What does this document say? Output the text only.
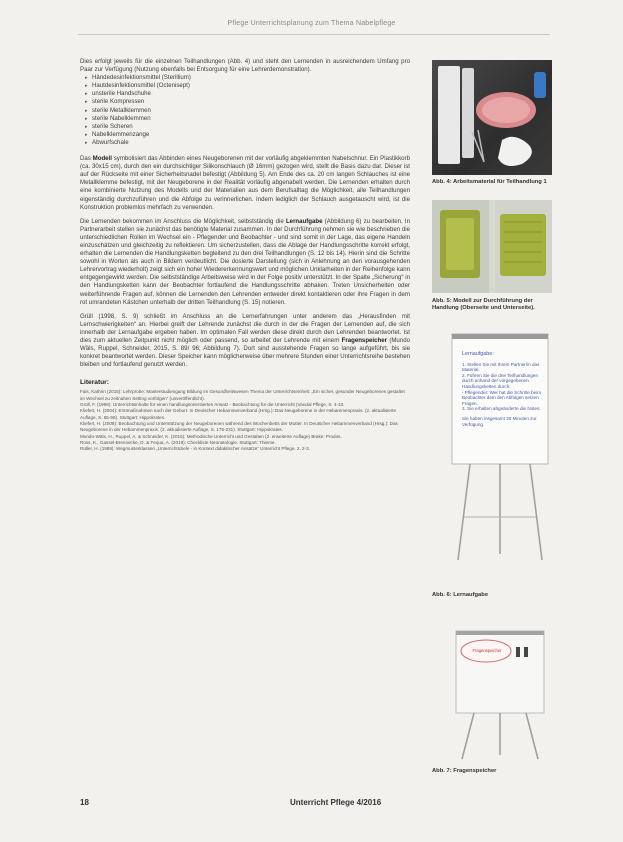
Pflege Unterrichtsplanung zum Thema Nabelpflege

Dies erfolgt jeweils für die einzelnen Teilhandlungen (Abb. 4) und steht den Lernenden in ausreichendem Umfang pro Paar zur Verfügung (Nutzung ebenfalls bei Entsorgung für eine Lehrerdemonstration).

▸ Händedesinfektionsmittel (Sterillium)
▸ Hautdesinfektionsmittel (Octenisept)
▸ unsterile Handschuhe
▸ sterile Kompressen
▸ sterile Metallklemmen
▸ sterile Nabelklemmen
▸ sterile Scheren
▸ Nabelklemmenzange
▸ Abwurfschale

Das Modell symbolisiert das Abbinden eines Neugeborenen mit der vorläufig abgeklemmten Nabelschnur. Ein Plastikkorb (ca. 30x15 cm), durch den ein durchsichtiger Silikonschlauch (Ø 16mm) gezogen wird, stellt die Basis dazu dar. Dieser ist auf der Rückseite mit einer Sicherheitsnadel befestigt (Abbildung 5). Am Ende des ca. 20 cm langen Schlauches ist eine Metallklemme befestigt, mit der Neugeborene in der Realität vorläufig abgenabelt werden. Die Lernenden erhalten durch eine kombinierte Nutzung des Modells und der Materialien aus dem Berufsalltag die Möglichkeit, alle Teilhandlungen eigenständig durchzuführen und die Abfolge zu verinnerlichen. Indem lediglich der Schlauch ausgetauscht wird, ist die Konstruktion problemlos mehrfach zu verwenden.

Die Lernenden bekommen im Anschluss die Möglichkeit, selbstständig die Lernaufgabe (Abbildung 6) zu bearbeiten. In Partnerarbeit stellen sie zunächst das benötigte Material zusammen. In der Durchführung nehmen sie wie beschrieben die unterschiedlichen Rollen im Wechsel ein - Pflegender und Beobachter - und sind somit in der Lage, das eigene Handeln einzuschätzen und gleichzeitig zu reflektieren. Um sicherzustellen, dass die Ablage der Handlungsschritte korrekt erfolgt, erhalten die Lernenden die Handlungsketten begleitend zu den drei Teilhandlungen (S. 12 bis 14). Hierin sind die Schritte sowohl in Worten als auch in Bildern verdeutlicht. Die dosierte Darstellung (sich in Anlehnung an den vorausgehenden Lehrervortrag wiederholt) zeigt sich ein hoher Wiedererkennungswert und möglichen Unklarheiten in der Reihenfolge kann entgegengewirkt werden. Die selbstständige Arbeitsweise wird in der Folge positiv unterstützt. In der Spalte „Sicherung“ in den Handlungsketten kann der Beobachter fortlaufend die Handlungsschritte abhaken. Treten Unsicherheiten oder weiterführende Fragen auf, können die Lernenden den Lehrenden entweder direkt kontaktieren oder ihre Fragen in dem rot umrandeten Kästchen unterhalb der dritten Teilhandlung (S. 15) notieren.

Grüll (1998, S. 9) schließt im Anschluss an die Lernerfahrungen unter anderem das „Herausfinden mit Lernschwierigkeiten“ an. Hierbei greift der Lehrende zunächst die durch in der die Fragen der Lernenden auf, die sich innerhalb der Lernaufgabe ergeben haben. Im optimalen Fall werden diese direkt durch den Lehrenden beantwortet. Ist dies zum aktuellen Zeitpunkt nicht möglich oder passend, so arbeitet der Lehrende mit einem Fragenspeicher (Mundo Wäls, Ruppel, Schneider, 2015, S. 89/ 96; Abbildung 7). Dort sind ausstehende Fragen so lange aufgeführt, bis sie konkret beantwortet werden. Dieser Speicher kann möglicherweise über mehrere Stunden einer Unterrichtsreihe bestehen bleiben und fortlaufend genutzt werden.

Literatur:
Fais, Kathrin (2015): Lehrprobe: Masterstudiengang Bildung im Gesundheitswesen Thema der Unterrichtseinheit: „Ein sicher, gesunder Neugeborenes gestaltet im Wechsel zu zeitnahen Setting vorfolgen“ (unveröffentlicht).
Grüll, F. (1998): Unterrichtsinhalte für einen handlungsorientierten Ansatz - Beobachtung für die Unterricht (Vandal Pflege, S. 4-10.
Kliefert, H. (2004): Erstmaßnahmen nach der Geburt. In Deutscher Hebammenverband (Hrsg.): Das Neugeborene in der Hebammenpraxis. (2. aktualisierte Auflage, S. 65-96). Stuttgart: Hippokrates.
Kliefert, H. (2008): Beobachtung und Unterstützung der Neugeborenen während des Wochenbetts der Mutter. In Deutscher Hebammenverband (Hrsg.): Das Neugeborene in der Hebammenpraxis. (2. aktualisierte Auflage, S. 175-231). Stuttgart: Hippokrates.
Mundo-Wäls, H., Ruppel, A. & Schneider, K. (2015): Methodische Unterricht und Gestalten (2. erweiterte Auflage) Brake: Prodos.
Ross, K., Gassel-Brennecke, D. & Fequa, A. (2019): Checkliste Neonatologie. Stuttgart: Thieme.
Rüller, H. (1989): Wegmusterklassen „Unterrichtsziele - in Kontext didaktischer Ansätze“ Unterricht Pflege. 2. 2-3.
Abb. 4: Arbeitsmaterial für Teilhandlung 1
Abb. 5: Modell zur Durchführung der Handlung (Oberseite und Unterseite).
Lernaufgabe:
1. Stellen Sie mit Ihrem Partner/in das Material.
2. Führen Sie die drei Teilhandlungen durch anhand der vorgegebenen Handlungsketten durch.
- Pflegender: Wer hat die Schritte beim Beobachter dem den Abfolgen setzen Fragen.
3. Sie erhalten abgeänderte die Notes.
Sie haben insgesamt 30 Minuten zur Verfügung.
Abb. 6: Lernaufgabe
Fragenspeicher
Abb. 7: Fragenspeicher
18	Unterricht Pflege 4/2016
